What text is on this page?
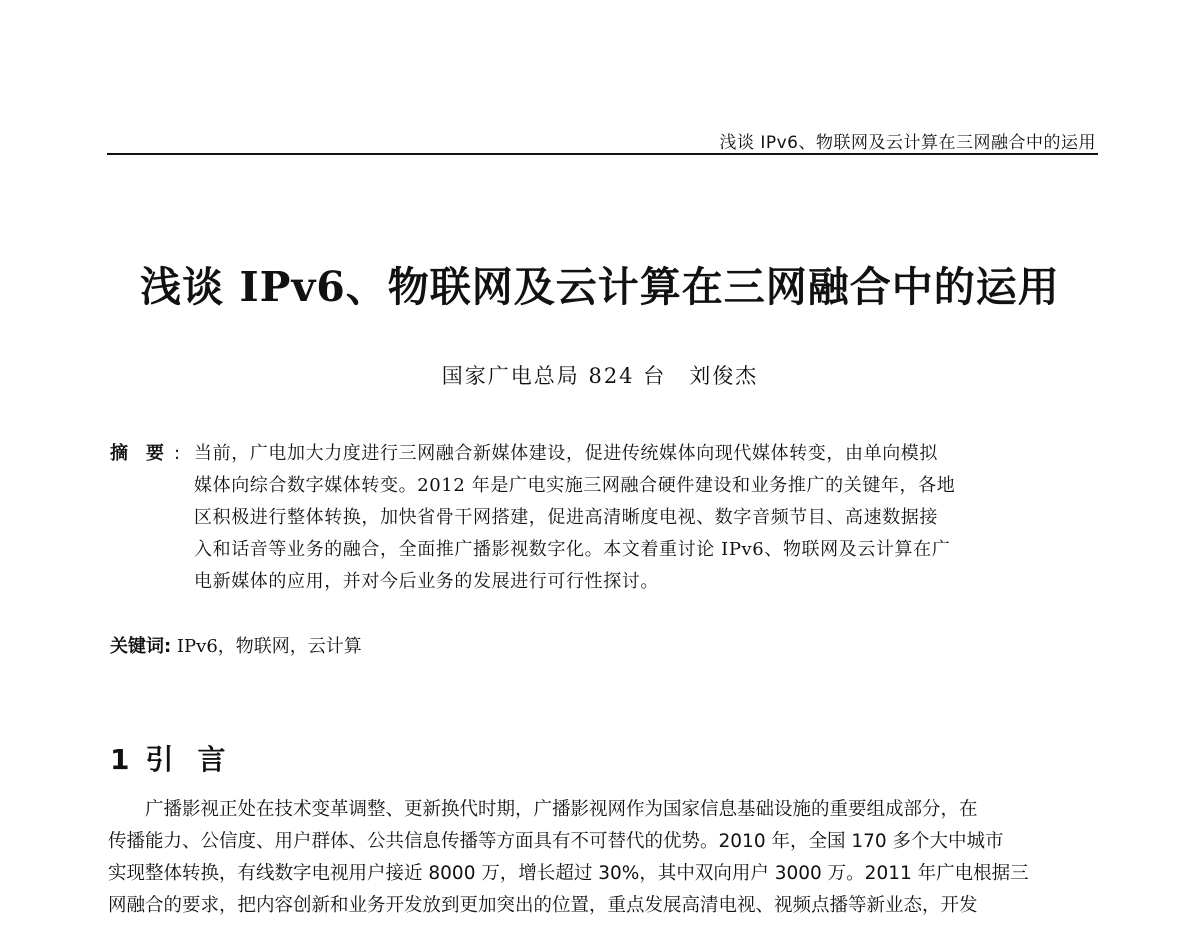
浅谈 IPv6、物联网及云计算在三网融合中的运用
浅谈 IPv6、物联网及云计算在三网融合中的运用
国家广电总局 824 台　刘俊杰
摘　要 : 当前，广电加大力度进行三网融合新媒体建设，促进传统媒体向现代媒体转变，由单向模拟
媒体向综合数字媒体转变。2012 年是广电实施三网融合硬件建设和业务推广的关键年，各地
区积极进行整体转换，加快省骨干网搭建，促进高清晰度电视、数字音频节目、高速数据接
入和话音等业务的融合，全面推广播影视数字化。本文着重讨论 IPv6、物联网及云计算在广
电新媒体的应用，并对今后业务的发展进行可行性探讨。
关键词: IPv6，物联网，云计算
1 引 言
广播影视正处在技术变革调整、更新换代时期，广播影视网作为国家信息基础设施的重要组成部分，在
传播能力、公信度、用户群体、公共信息传播等方面具有不可替代的优势。2010 年，全国 170 多个大中城市
实现整体转换，有线数字电视用户接近 8000 万，增长超过 30%，其中双向用户 3000 万。2011 年广电根据三
网融合的要求，把内容创新和业务开发放到更加突出的位置，重点发展高清电视、视频点播等新业态，开发
